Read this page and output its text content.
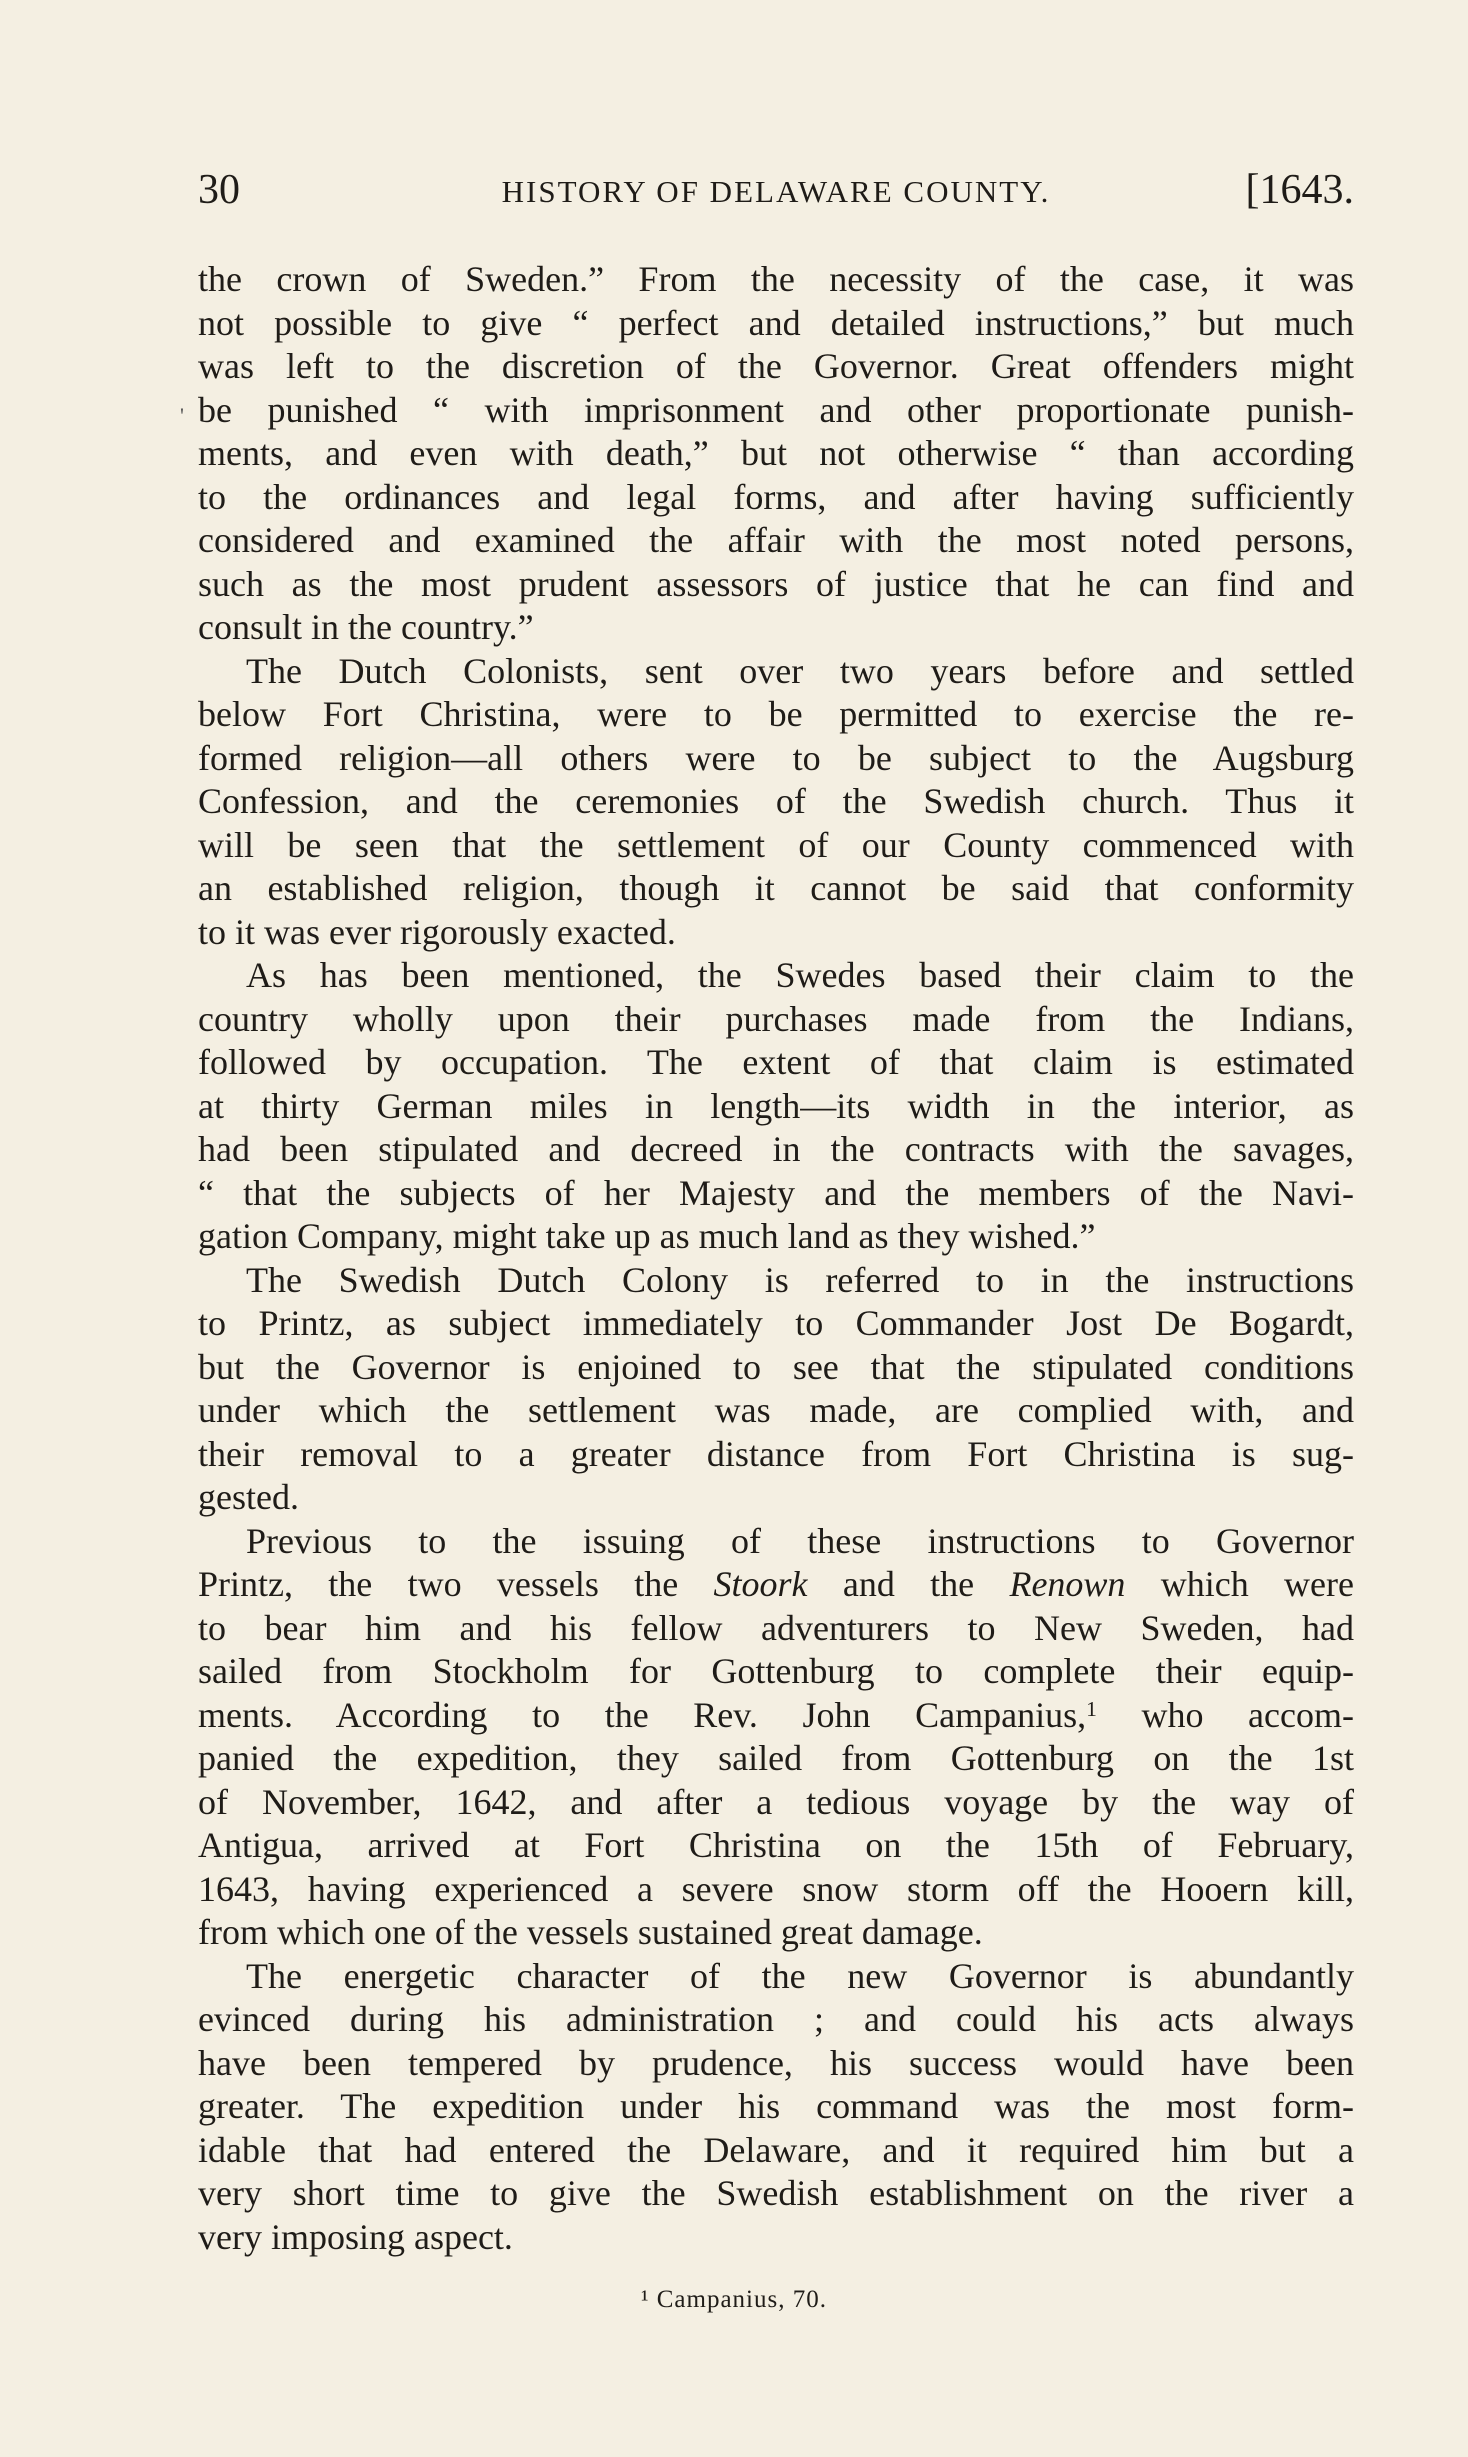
30	HISTORY OF DELAWARE COUNTY.	[1643.
'
the crown of Sweden.” From the necessity of the case, it was
not possible to give “ perfect and detailed instructions,” but much
was left to the discretion of the Governor. Great offenders might
be punished “ with imprisonment and other proportionate punish-
ments, and even with death,” but not otherwise “ than according
to the ordinances and legal forms, and after having sufficiently
considered and examined the affair with the most noted persons,
such as the most prudent assessors of justice that he can find and
consult in the country.”
The Dutch Colonists, sent over two years before and settled
below Fort Christina, were to be permitted to exercise the re-
formed religion—all others were to be subject to the Augsburg
Confession, and the ceremonies of the Swedish church. Thus it
will be seen that the settlement of our County commenced with
an established religion, though it cannot be said that conformity
to it was ever rigorously exacted.
As has been mentioned, the Swedes based their claim to the
country wholly upon their purchases made from the Indians,
followed by occupation. The extent of that claim is estimated
at thirty German miles in length—its width in the interior, as
had been stipulated and decreed in the contracts with the savages,
“ that the subjects of her Majesty and the members of the Navi-
gation Company, might take up as much land as they wished.”
The Swedish Dutch Colony is referred to in the instructions
to Printz, as subject immediately to Commander Jost De Bogardt,
but the Governor is enjoined to see that the stipulated conditions
under which the settlement was made, are complied with, and
their removal to a greater distance from Fort Christina is sug-
gested.
Previous to the issuing of these instructions to Governor
Printz, the two vessels the Stoork and the Renown which were
to bear him and his fellow adventurers to New Sweden, had
sailed from Stockholm for Gottenburg to complete their equip-
ments. According to the Rev. John Campanius,$^1$ who accom-
panied the expedition, they sailed from Gottenburg on the 1st
of November, 1642, and after a tedious voyage by the way of
Antigua, arrived at Fort Christina on the 15th of February,
1643, having experienced a severe snow storm off the Hooern kill,
from which one of the vessels sustained great damage.
The energetic character of the new Governor is abundantly
evinced during his administration ; and could his acts always
have been tempered by prudence, his success would have been
greater. The expedition under his command was the most form-
idable that had entered the Delaware, and it required him but a
very short time to give the Swedish establishment on the river a
very imposing aspect.
¹ Campanius, 70.
